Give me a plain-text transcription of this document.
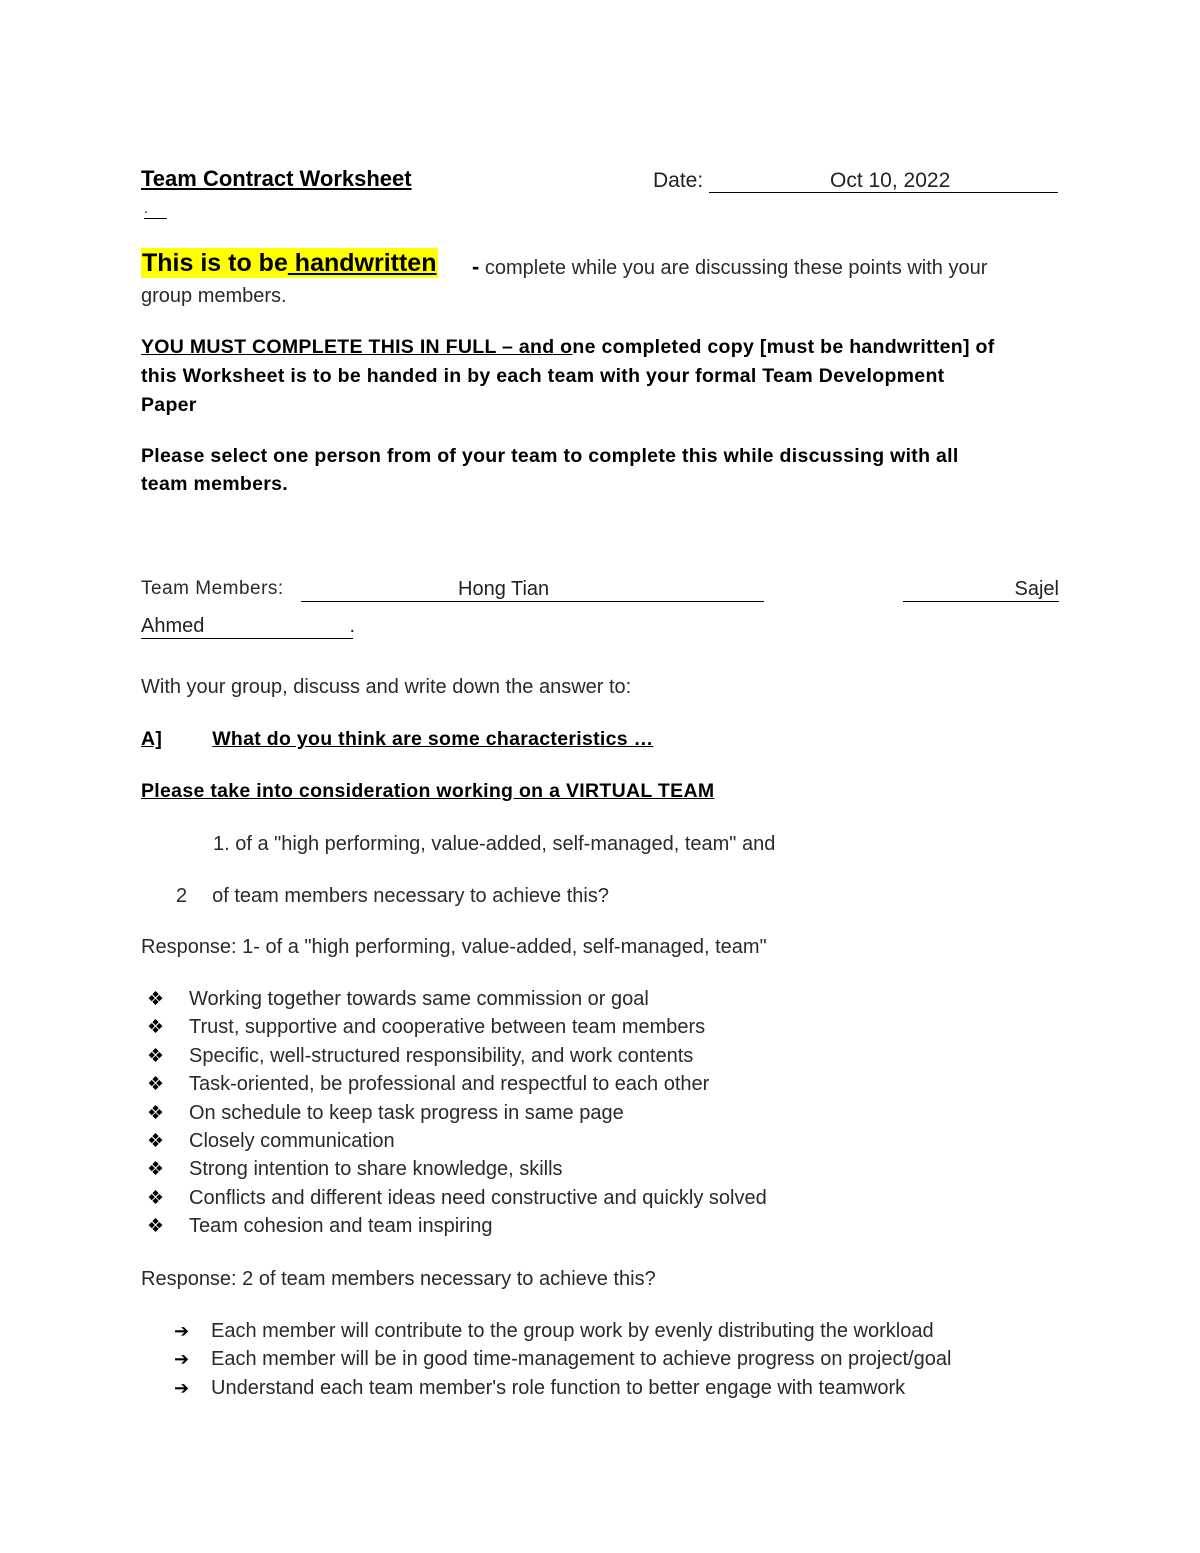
Team Contract Worksheet	Date:	Oct 10, 2022
.
This is to be handwritten - complete while you are discussing these points with your
group members.
YOU MUST COMPLETE THIS IN FULL – and one completed copy [must be handwritten] of
this Worksheet is to be handed in by each team with your formal Team Development
Paper
Please select one person from of your team to complete this while discussing with all
team members.
Team Members:	Hong Tian	Sajel
Ahmed	.
With your group, discuss and write down the answer to:
A]	What do you think are some characteristics …
Please take into consideration working on a VIRTUAL TEAM
1. of a "high performing, value-added, self-managed, team" and
2 of team members necessary to achieve this?
Response: 1- of a "high performing, value-added, self-managed, team"
❖ Working together towards same commission or goal
❖ Trust, supportive and cooperative between team members
❖ Specific, well-structured responsibility, and work contents
❖ Task-oriented, be professional and respectful to each other
❖ On schedule to keep task progress in same page
❖ Closely communication
❖ Strong intention to share knowledge, skills
❖ Conflicts and different ideas need constructive and quickly solved
❖ Team cohesion and team inspiring
Response: 2 of team members necessary to achieve this?
➔ Each member will contribute to the group work by evenly distributing the workload
➔ Each member will be in good time-management to achieve progress on project/goal
➔ Understand each team member's role function to better engage with teamwork
